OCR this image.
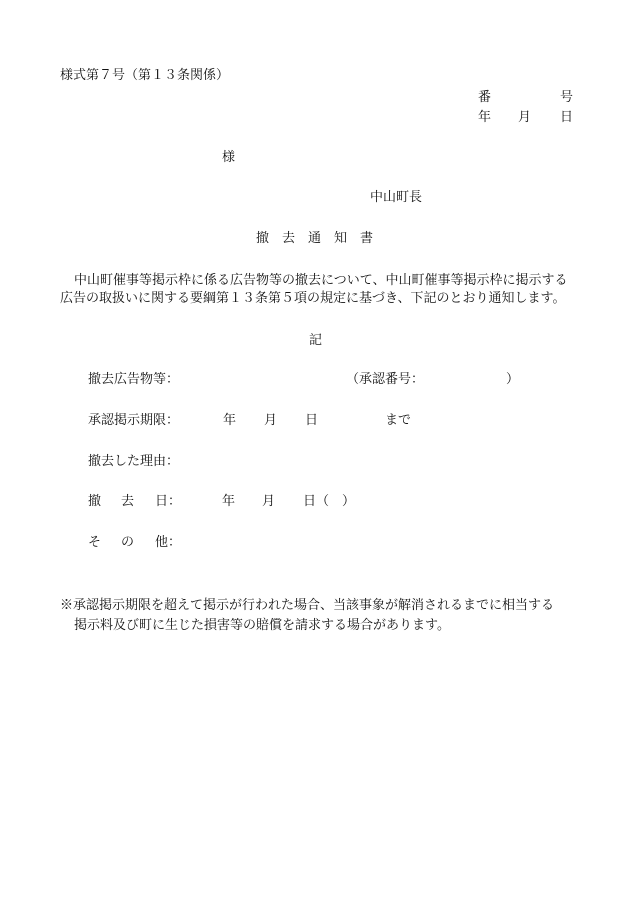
様式第７号（第１３条関係）
番	号
年 月 日
様
中山町長
撤　去　通　知　書
中山町催事等掲示枠に係る広告物等の撤去について、中山町催事等掲示枠に掲示する広告の取扱いに関する要綱第１３条第５項の規定に基づき、下記のとおり通知します。
記
撤去広告物等：	（承認番号：	）
承認掲示期限：	年 月 日	まで
撤去した理由：
撤 去 日：	年 月 日（　）
そ の 他：
※承認掲示期限を超えて掲示が行われた場合、当該事象が解消されるまでに相当する
掲示料及び町に生じた損害等の賠償を請求する場合があります。
